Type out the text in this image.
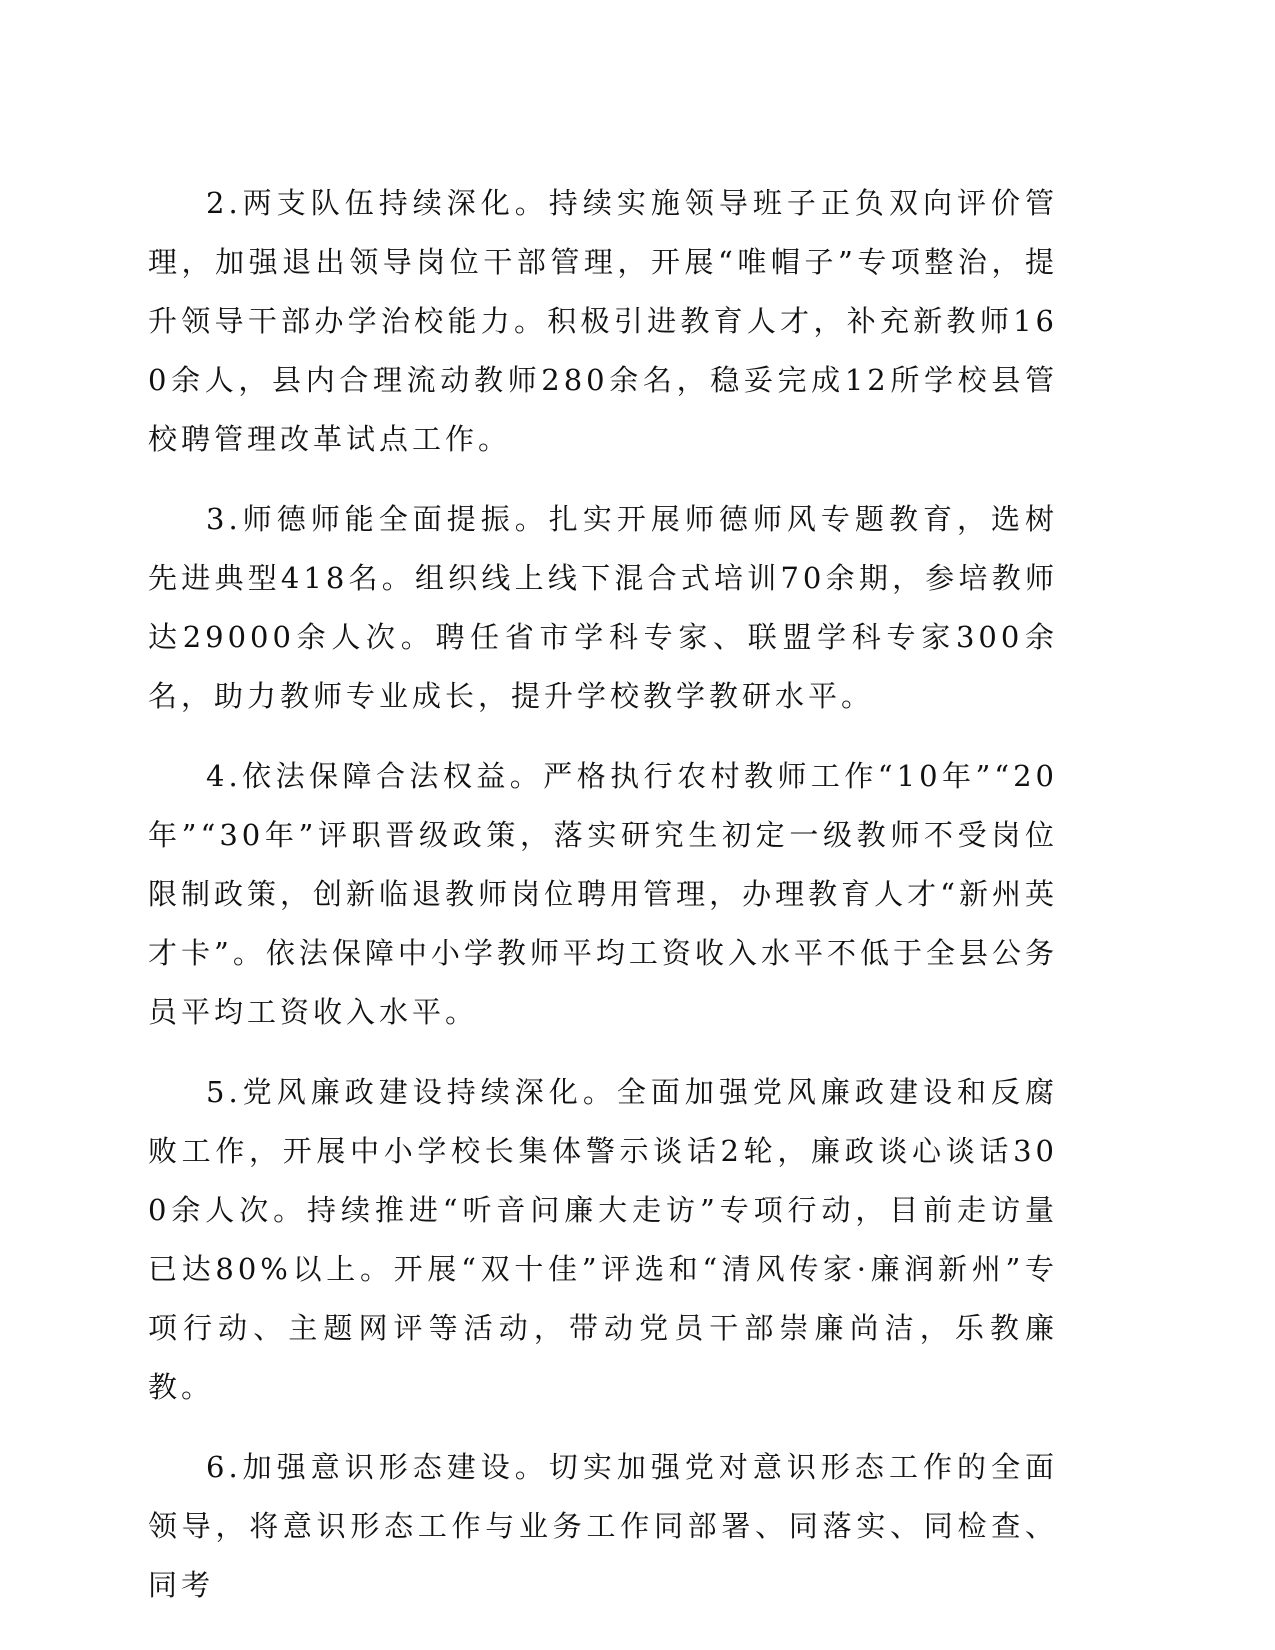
2.两支队伍持续深化。持续实施领导班子正负双向评价管理，加强退出领导岗位干部管理，开展“唯帽子”专项整治，提升领导干部办学治校能力。积极引进教育人才，补充新教师160余人，县内合理流动教师280余名，稳妥完成12所学校县管校聘管理改革试点工作。

3.师德师能全面提振。扎实开展师德师风专题教育，选树先进典型418名。组织线上线下混合式培训70余期，参培教师达29000余人次。聘任省市学科专家、联盟学科专家300余名，助力教师专业成长，提升学校教学教研水平。

4.依法保障合法权益。严格执行农村教师工作“10年”“20年”“30年”评职晋级政策，落实研究生初定一级教师不受岗位限制政策，创新临退教师岗位聘用管理，办理教育人才“新州英才卡”。依法保障中小学教师平均工资收入水平不低于全县公务员平均工资收入水平。

5.党风廉政建设持续深化。全面加强党风廉政建设和反腐败工作，开展中小学校长集体警示谈话2轮，廉政谈心谈话300余人次。持续推进“听音问廉大走访”专项行动，目前走访量已达80%以上。开展“双十佳”评选和“清风传家·廉润新州”专项行动、主题网评等活动，带动党员干部崇廉尚洁，乐教廉教。

6.加强意识形态建设。切实加强党对意识形态工作的全面领导，将意识形态工作与业务工作同部署、同落实、同检查、同考
